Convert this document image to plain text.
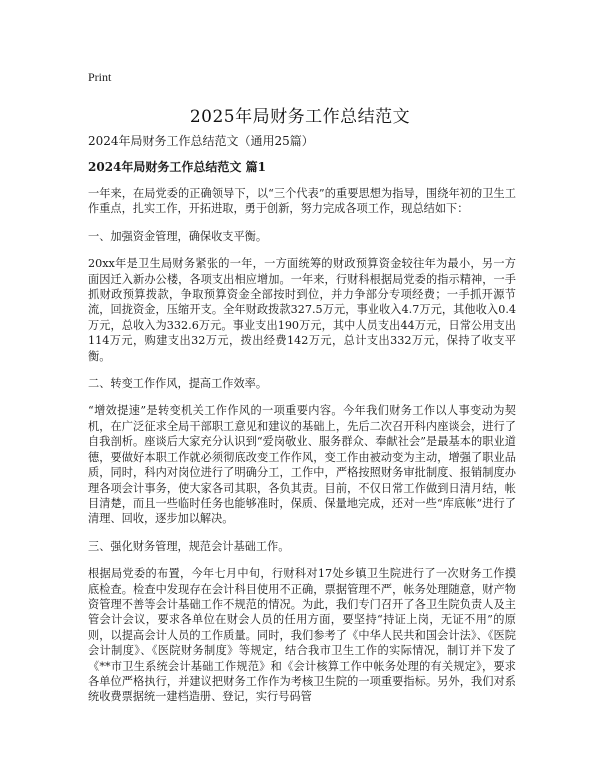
Print
2025年局财务工作总结范文
2024年局财务工作总结范文（通用25篇）
2024年局财务工作总结范文 篇1

一年来，在局党委的正确领导下，以“三个代表”的重要思想为指导，围绕年初的卫生工作重点，扎实工作，开拓进取，勇于创新，努力完成各项工作，现总结如下：

一、加强资金管理，确保收支平衡。

20xx年是卫生局财务紧张的一年，一方面统筹的财政预算资金较往年为最小，另一方面因迁入新办公楼，各项支出相应增加。一年来，行财科根据局党委的指示精神，一手抓财政预算拨款，争取预算资金全部按时到位，并力争部分专项经费；一手抓开源节流，回拢资金，压缩开支。全年财政拨款327.5万元，事业收入4.7万元，其他收入0.4万元，总收入为332.6万元。事业支出190万元，其中人员支出44万元，日常公用支出114万元，购建支出32万元，拨出经费142万元，总计支出332万元，保持了收支平衡。

二、转变工作作风，提高工作效率。

“增效提速”是转变机关工作作风的一项重要内容。今年我们财务工作以人事变动为契机，在广泛征求全局干部职工意见和建议的基础上，先后二次召开科内座谈会，进行了自我剖析。座谈后大家充分认识到“爱岗敬业、服务群众、奉献社会”是最基本的职业道德，要做好本职工作就必须彻底改变工作作风，变工作由被动变为主动，增强了职业品质，同时，科内对岗位进行了明确分工，工作中，严格按照财务审批制度、报销制度办理各项会计事务，使大家各司其职，各负其责。目前，不仅日常工作做到日清月结，帐目清楚，而且一些临时任务也能够准时，保质、保量地完成，还对一些“库底帐”进行了清理、回收，逐步加以解决。

三、强化财务管理，规范会计基础工作。

根据局党委的布置，今年七月中旬，行财科对17处乡镇卫生院进行了一次财务工作摸底检查。检查中发现存在会计科目使用不正确，票据管理不严，帐务处理随意，财产物资管理不善等会计基础工作不规范的情况。为此，我们专门召开了各卫生院负责人及主管会计会议，要求各单位在财会人员的任用方面，要坚持“持证上岗，无证不用”的原则，以提高会计人员的工作质量。同时，我们参考了《中华人民共和国会计法》、《医院会计制度》、《医院财务制度》等规定，结合我市卫生工作的实际情况，制订并下发了《**市卫生系统会计基础工作规范》和《会计核算工作中帐务处理的有关规定》，要求各单位严格执行，并建议把财务工作作为考核卫生院的一项重要指标。另外，我们对系统收费票据统一建档造册、登记，实行号码管
